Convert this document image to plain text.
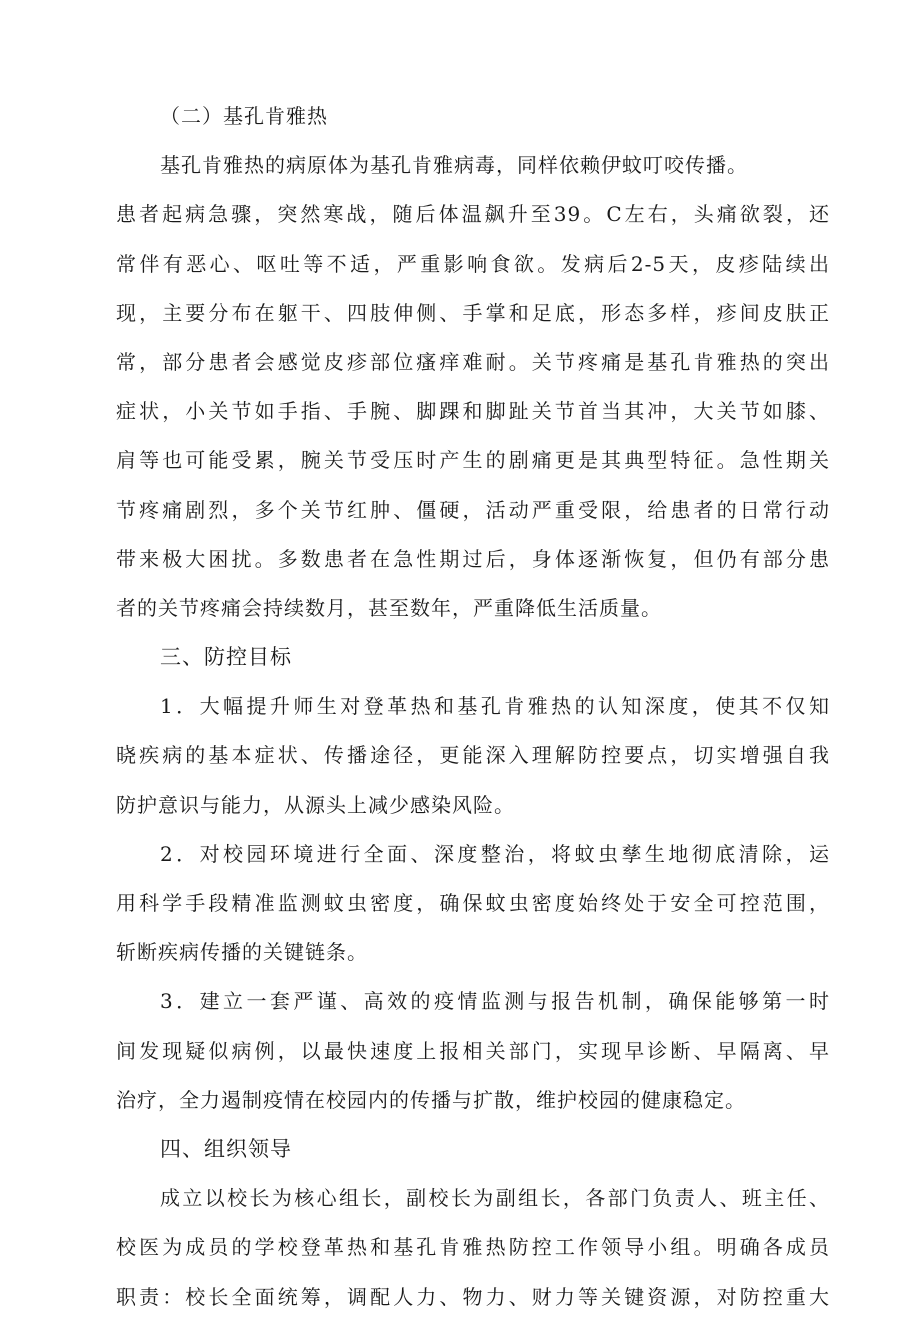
（二）基孔肯雅热
基孔肯雅热的病原体为基孔肯雅病毒，同样依赖伊蚊叮咬传播。
患者起病急骤，突然寒战，随后体温飙升至39。C左右，头痛欲裂，还
常伴有恶心、呕吐等不适，严重影响食欲。发病后2-5天，皮疹陆续出
现，主要分布在躯干、四肢伸侧、手掌和足底，形态多样，疹间皮肤正
常，部分患者会感觉皮疹部位瘙痒难耐。关节疼痛是基孔肯雅热的突出
症状，小关节如手指、手腕、脚踝和脚趾关节首当其冲，大关节如膝、
肩等也可能受累，腕关节受压时产生的剧痛更是其典型特征。急性期关
节疼痛剧烈，多个关节红肿、僵硬，活动严重受限，给患者的日常行动
带来极大困扰。多数患者在急性期过后，身体逐渐恢复，但仍有部分患
者的关节疼痛会持续数月，甚至数年，严重降低生活质量。
三、防控目标
1．大幅提升师生对登革热和基孔肯雅热的认知深度，使其不仅知
晓疾病的基本症状、传播途径，更能深入理解防控要点，切实增强自我
防护意识与能力，从源头上减少感染风险。
2．对校园环境进行全面、深度整治，将蚊虫孳生地彻底清除，运
用科学手段精准监测蚊虫密度，确保蚊虫密度始终处于安全可控范围，
斩断疾病传播的关键链条。
3．建立一套严谨、高效的疫情监测与报告机制，确保能够第一时
间发现疑似病例，以最快速度上报相关部门，实现早诊断、早隔离、早
治疗，全力遏制疫情在校园内的传播与扩散，维护校园的健康稳定。
四、组织领导
成立以校长为核心组长，副校长为副组长，各部门负责人、班主任、
校医为成员的学校登革热和基孔肯雅热防控工作领导小组。明确各成员
职责：校长全面统筹，调配人力、物力、财力等关键资源，对防控重大
